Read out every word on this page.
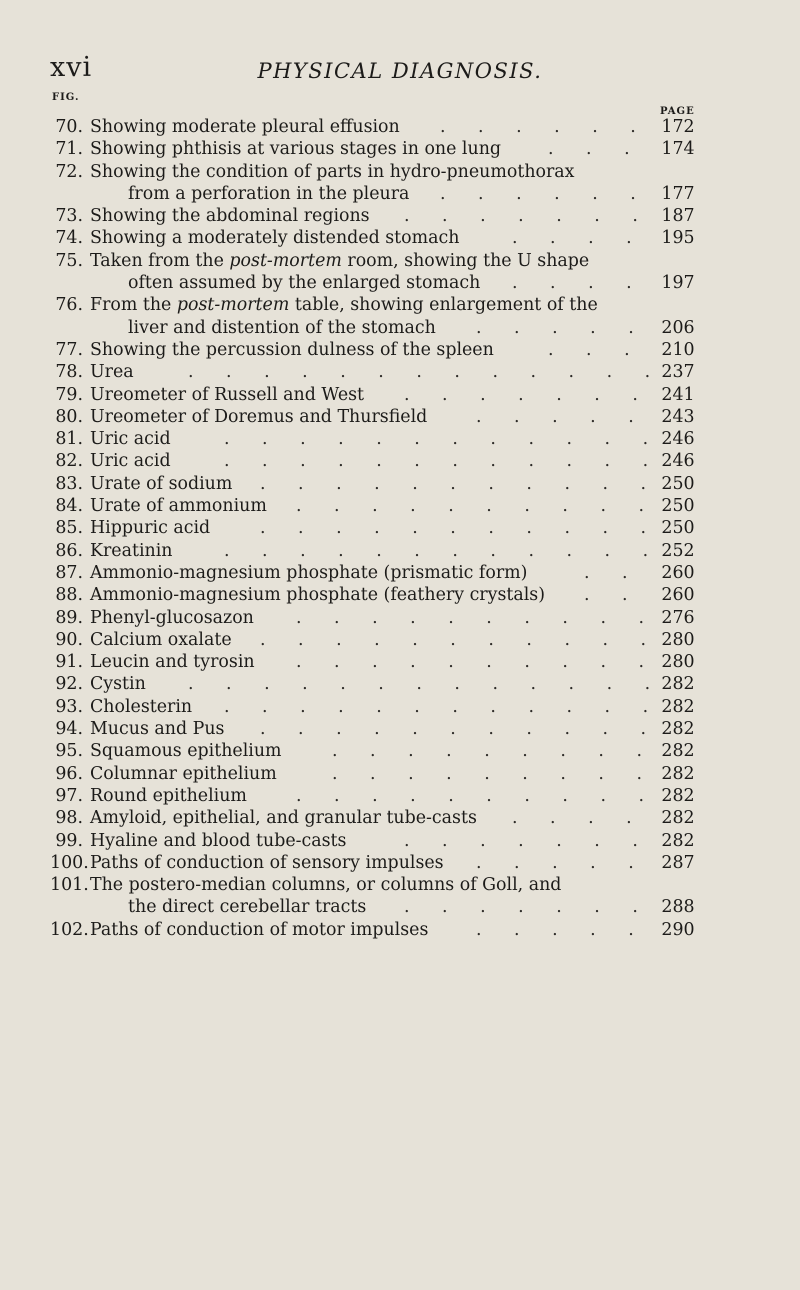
xvi	PHYSICAL DIAGNOSIS.
FIG.
PAGE
70. Showing moderate pleural effusion	172
. . . . . .
71. Showing phthisis at various stages in one lung	174
. . .
72. Showing the condition of parts in hydro-pneumothorax
from a perforation in the pleura	177
. . . . . .
73. Showing the abdominal regions	187
. . . . . . .
74. Showing a moderately distended stomach	195
. . . .
75. Taken from the post-mortem room, showing the U shape
often assumed by the enlarged stomach	197
. . . .
76. From the post-mortem table, showing enlargement of the
liver and distention of the stomach	206
. . . . .
77. Showing the percussion dulness of the spleen	210
. . .
78. Urea	237
. . . . . . . . . . . . .
79. Ureometer of Russell and West	241
. . . . . . .
80. Ureometer of Doremus and Thursfield	243
. . . . .
81. Uric acid	246
. . . . . . . . . . . .
82. Uric acid	246
. . . . . . . . . . . .
83. Urate of sodium	250
. . . . . . . . . . .
84. Urate of ammonium	250
. . . . . . . . . .
85. Hippuric acid	250
. . . . . . . . . . .
86. Kreatinin	252
. . . . . . . . . . . .
87. Ammonio-magnesium phosphate (prismatic form)	260
. .
88. Ammonio-magnesium phosphate (feathery crystals)	260
. .
89. Phenyl-glucosazon	276
. . . . . . . . . .
90. Calcium oxalate	280
. . . . . . . . . . .
91. Leucin and tyrosin	280
. . . . . . . . . .
92. Cystin	282
. . . . . . . . . . . . .
93. Cholesterin	282
. . . . . . . . . . . .
94. Mucus and Pus	282
. . . . . . . . . . .
95. Squamous epithelium	282
. . . . . . . . .
96. Columnar epithelium	282
. . . . . . . . .
97. Round epithelium	282
. . . . . . . . . .
98. Amyloid, epithelial, and granular tube-casts	282
. . . .
99. Hyaline and blood tube-casts	282
. . . . . . .
100. Paths of conduction of sensory impulses	287
. . . . .
101. The postero-median columns, or columns of Goll, and
the direct cerebellar tracts	288
. . . . . . .
102. Paths of conduction of motor impulses	290
. . . . .
